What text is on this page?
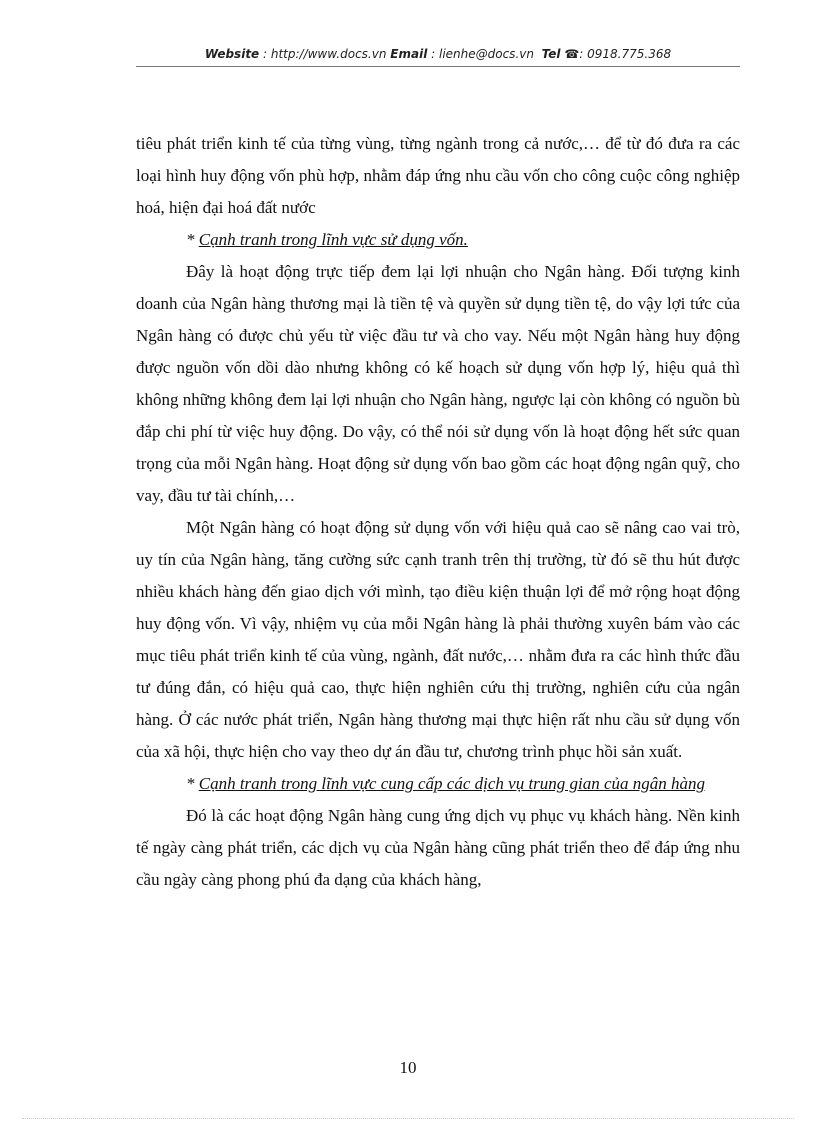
Website : http://www.docs.vn Email : lienhe@docs.vn Tel ☎: 0918.775.368

tiêu phát triển kinh tế của từng vùng, từng ngành trong cả nước,… để từ đó đưa ra các loại hình huy động vốn phù hợp, nhằm đáp ứng nhu cầu vốn cho công cuộc công nghiệp hoá, hiện đại hoá đất nước

* Cạnh tranh trong lĩnh vực sử dụng vốn.

Đây là hoạt động trực tiếp đem lại lợi nhuận cho Ngân hàng. Đối tượng kinh doanh của Ngân hàng thương mại là tiền tệ và quyền sử dụng tiền tệ, do vậy lợi tức của Ngân hàng có được chủ yếu từ việc đầu tư và cho vay. Nếu một Ngân hàng huy động được nguồn vốn dồi dào nhưng không có kế hoạch sử dụng vốn hợp lý, hiệu quả thì không những không đem lại lợi nhuận cho Ngân hàng, ngược lại còn không có nguồn bù đắp chi phí từ việc huy động. Do vậy, có thể nói sử dụng vốn là hoạt động hết sức quan trọng của mỗi Ngân hàng. Hoạt động sử dụng vốn bao gồm các hoạt động ngân quỹ, cho vay, đầu tư tài chính,…

Một Ngân hàng có hoạt động sử dụng vốn với hiệu quả cao sẽ nâng cao vai trò, uy tín của Ngân hàng, tăng cường sức cạnh tranh trên thị trường, từ đó sẽ thu hút được nhiều khách hàng đến giao dịch với mình, tạo điều kiện thuận lợi để mở rộng hoạt động huy động vốn. Vì vậy, nhiệm vụ của mỗi Ngân hàng là phải thường xuyên bám vào các mục tiêu phát triển kinh tế của vùng, ngành, đất nước,… nhằm đưa ra các hình thức đầu tư đúng đắn, có hiệu quả cao, thực hiện nghiên cứu thị trường, nghiên cứu của ngân hàng. Ở các nước phát triển, Ngân hàng thương mại thực hiện rất nhu cầu sử dụng vốn của xã hội, thực hiện cho vay theo dự án đầu tư, chương trình phục hồi sản xuất.

* Cạnh tranh trong lĩnh vực cung cấp các dịch vụ trung gian của ngân hàng

Đó là các hoạt động Ngân hàng cung ứng dịch vụ phục vụ khách hàng. Nền kinh tế ngày càng phát triển, các dịch vụ của Ngân hàng cũng phát triển theo để đáp ứng nhu cầu ngày càng phong phú đa dạng của khách hàng,

10
